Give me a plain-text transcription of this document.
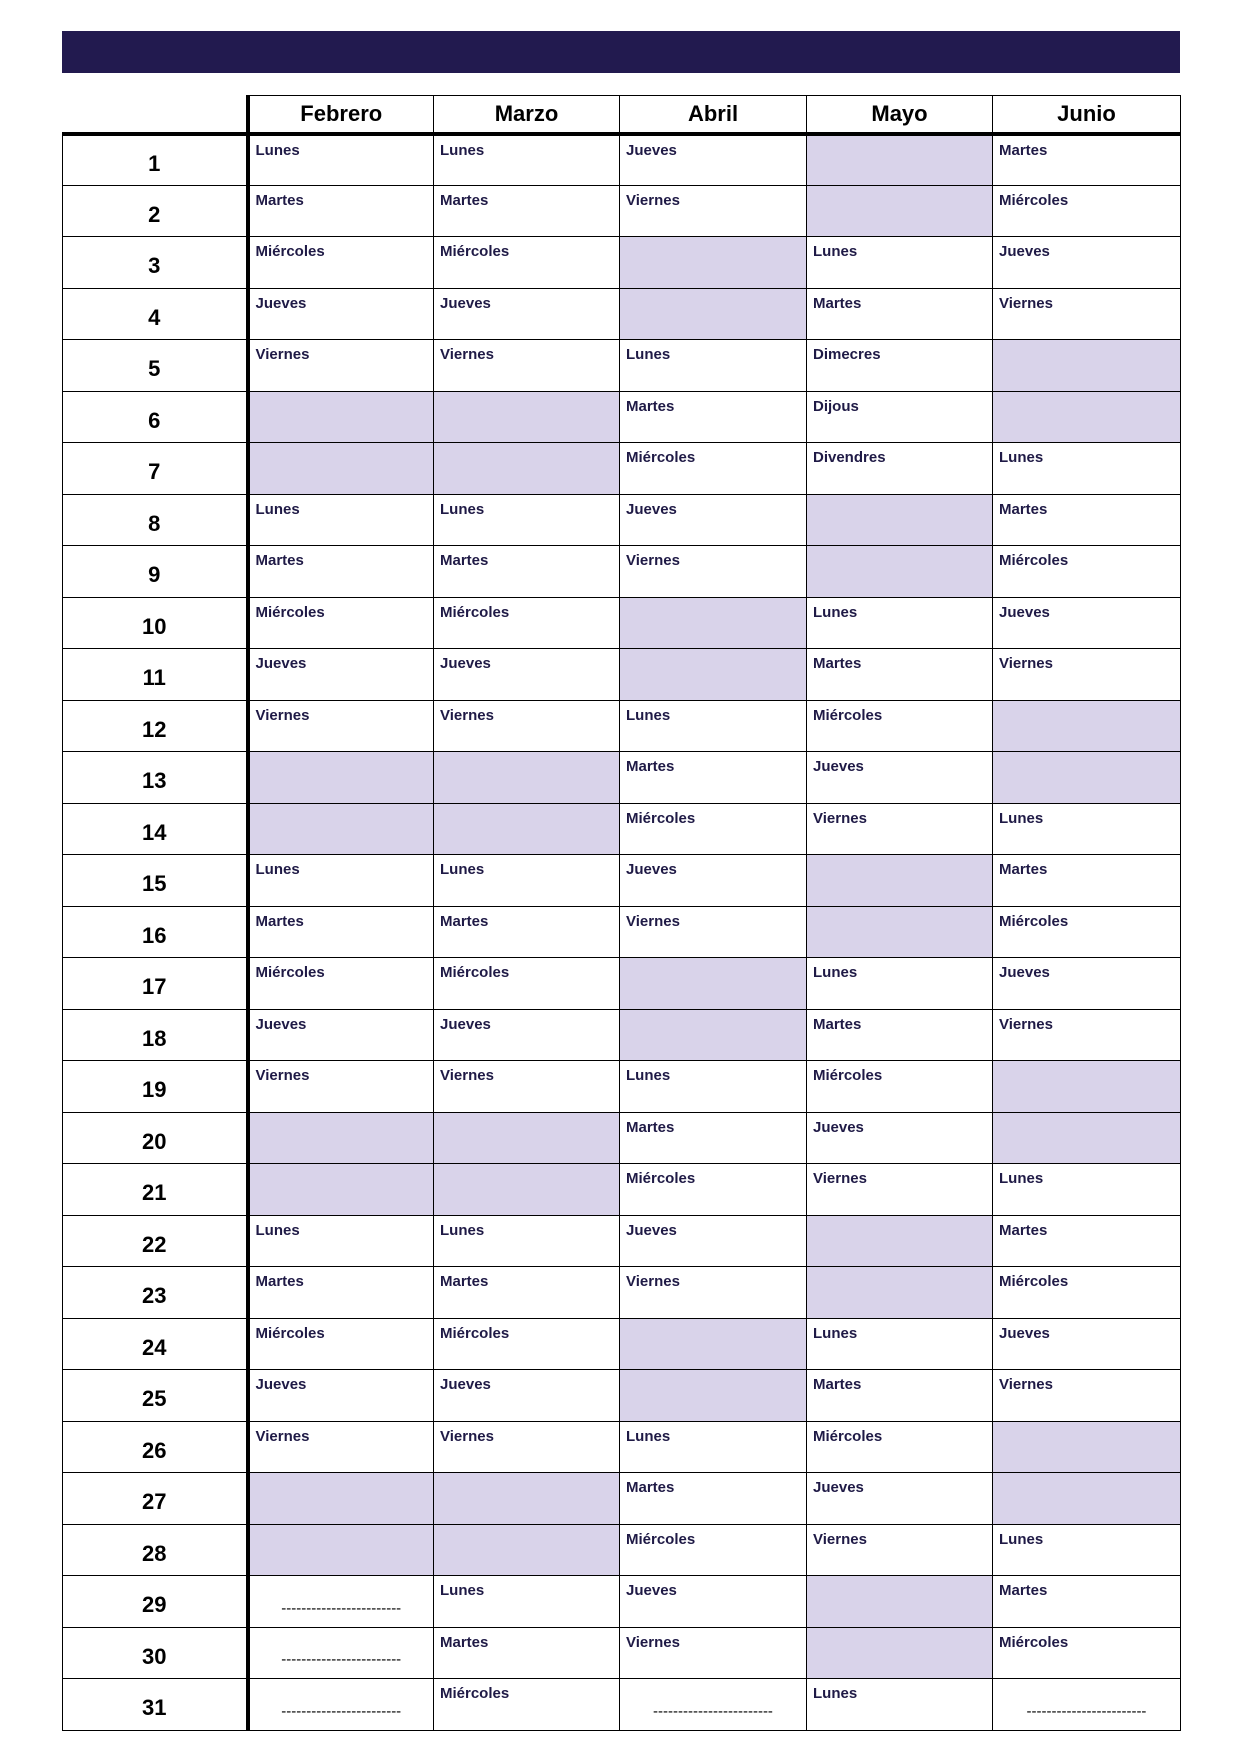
	Febrero	Marzo	Abril	Mayo	Junio
1	Lunes	Lunes	Jueves		Martes
2	Martes	Martes	Viernes		Miércoles
3	Miércoles	Miércoles		Lunes	Jueves
4	Jueves	Jueves		Martes	Viernes
5	Viernes	Viernes	Lunes	Dimecres	
6			Martes	Dijous	
7			Miércoles	Divendres	Lunes
8	Lunes	Lunes	Jueves		Martes
9	Martes	Martes	Viernes		Miércoles
10	Miércoles	Miércoles		Lunes	Jueves
11	Jueves	Jueves		Martes	Viernes
12	Viernes	Viernes	Lunes	Miércoles	
13			Martes	Jueves	
14			Miércoles	Viernes	Lunes
15	Lunes	Lunes	Jueves		Martes
16	Martes	Martes	Viernes		Miércoles
17	Miércoles	Miércoles		Lunes	Jueves
18	Jueves	Jueves		Martes	Viernes
19	Viernes	Viernes	Lunes	Miércoles	
20			Martes	Jueves	
21			Miércoles	Viernes	Lunes
22	Lunes	Lunes	Jueves		Martes
23	Martes	Martes	Viernes		Miércoles
24	Miércoles	Miércoles		Lunes	Jueves
25	Jueves	Jueves		Martes	Viernes
26	Viernes	Viernes	Lunes	Miércoles	
27			Martes	Jueves	
28			Miércoles	Viernes	Lunes
29	------------------------	Lunes	Jueves		Martes
30	------------------------	Martes	Viernes		Miércoles
31	------------------------	Miércoles	------------------------	Lunes	------------------------
